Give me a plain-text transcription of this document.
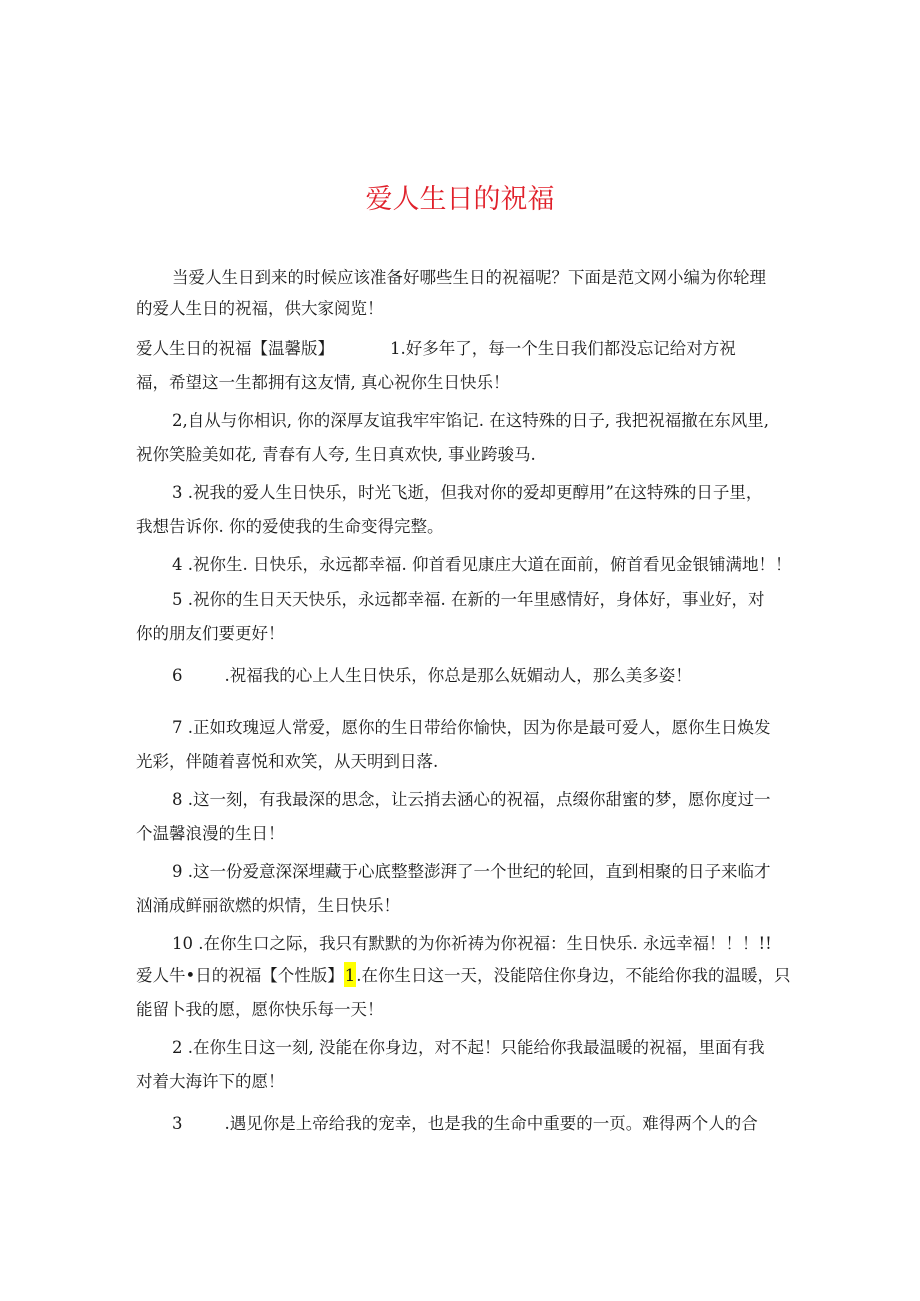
爱人生日的祝福

当爱人生日到来的时候应该准备好哪些生日的祝福呢？下面是范文网小编为你轮理

的爱人生日的祝福，供大家阅览！

爱人生日的祝福【温馨版】	1.好多年了，每一个生日我们都没忘记给对方祝

福，希望这一生都拥有这友情, 真心祝你生日快乐！

2,自从与你相识, 你的深厚友谊我牢牢馅记. 在这特殊的日子, 我把祝福撤在东风里,

祝你笑脸美如花, 青春有人夸, 生日真欢快, 事业跨骏马.

3 .祝我的爱人生日快乐，时光飞逝，但我对你的爱却更醇用”在这特殊的日子里，

我想告诉你. 你的爱使我的生命变得完整。

4 .祝你生. 日快乐，永远都幸福. 仰首看见康庄大道在面前，俯首看见金银铺满地！！

5 .祝你的生日天天快乐，永远都幸福. 在新的一年里感情好，身体好，事业好，对

你的朋友们要更好！

6	.祝福我的心上人生日快乐，你总是那么妩媚动人，那么美多姿！

7 .正如玫瑰逗人常爱，愿你的生日带给你愉快，因为你是最可爱人，愿你生日焕发

光彩，伴随着喜悦和欢笑，从天明到日落.

8 .这一刻，有我最深的思念，让云捎去涵心的祝福，点缀你甜蜜的梦，愿你度过一

个温馨浪漫的生日！

9 .这一份爱意深深埋藏于心底整整澎湃了一个世纪的轮回，直到相聚的日子来临才

汹涌成鲜丽欲燃的炽情，生日快乐！

10 .在你生口之际，我只有默默的为你祈祷为你祝福：生日快乐. 永远幸福！！！!!

爱人牛•日的祝福【个性版】1.在你生日这一天，没能陪住你身边，不能给你我的温暖，只

能留卜我的愿，愿你快乐每一天！

2 .在你生日这一刻, 没能在你身边，对不起！只能给你我最温暖的祝福，里面有我

对着大海许下的愿！

3	.遇见你是上帝给我的宠幸，也是我的生命中重要的一页。难得两个人的合
